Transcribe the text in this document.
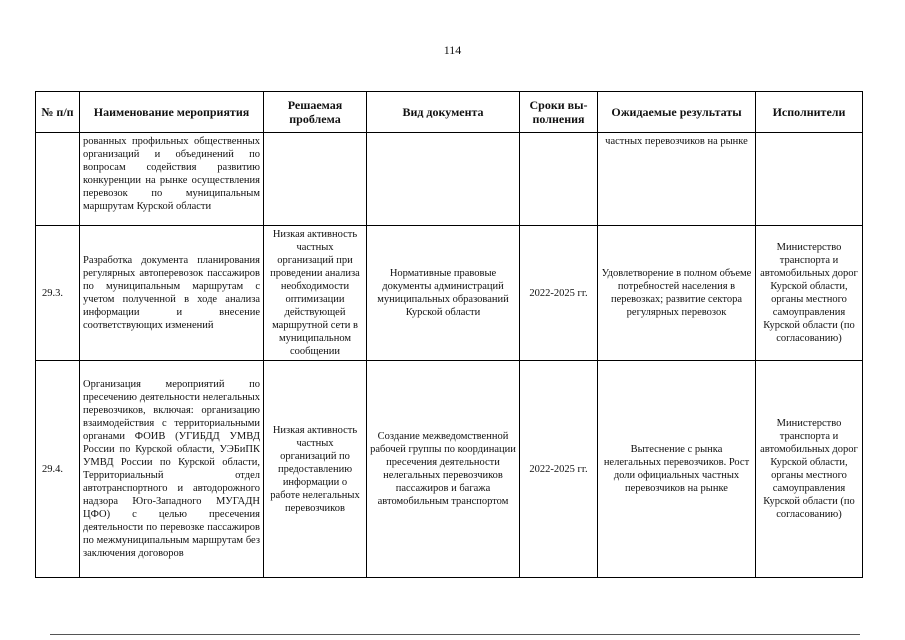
114
№ п/п	Наименование мероприятия	Решаемая проблема	Вид документа	Сроки вы-полнения	Ожидаемые результаты	Исполнители
	рованных профильных общественных организаций и объединений по вопросам содействия развитию конкуренции на рынке осуществления перевозок по муниципальным маршрутам Курской области				частных перевозчиков на рынке	
29.3.	Разработка документа планирования регулярных автоперевозок пассажиров по муниципальным маршрутам с учетом полученной в ходе анализа информации и внесение соответствующих изменений	Низкая активность частных организаций при проведении анализа необходимости оптимизации действующей маршрутной сети в муниципальном сообщении	Нормативные правовые документы администраций муниципальных образований Курской области	2022-2025 гг.	Удовлетворение в полном объеме потребностей населения в перевозках; развитие сектора регулярных перевозок	Министерство транспорта и автомобильных дорог Курской области, органы местного самоуправления Курской области (по согласованию)
29.4.	Организация мероприятий по пресечению деятельности нелегальных перевозчиков, включая: организацию взаимодействия с территориальными органами ФОИВ (УГИБДД УМВД России по Курской области, УЭБиПК УМВД России по Курской области, Территориальный отдел автотранспортного и автодорожного надзора Юго-Западного МУГАДН ЦФО) с целью пресечения деятельности по перевозке пассажиров по межмуниципальным маршрутам без заключения договоров	Низкая активность частных организаций по предоставлению информации о работе нелегальных перевозчиков	Создание межведомственной рабочей группы по координации пресечения деятельности нелегальных перевозчиков пассажиров и багажа автомобильным транспортом	2022-2025 гг.	Вытеснение с рынка нелегальных перевозчиков. Рост доли официальных частных перевозчиков на рынке	Министерство транспорта и автомобильных дорог Курской области, органы местного самоуправления Курской области (по согласованию)
